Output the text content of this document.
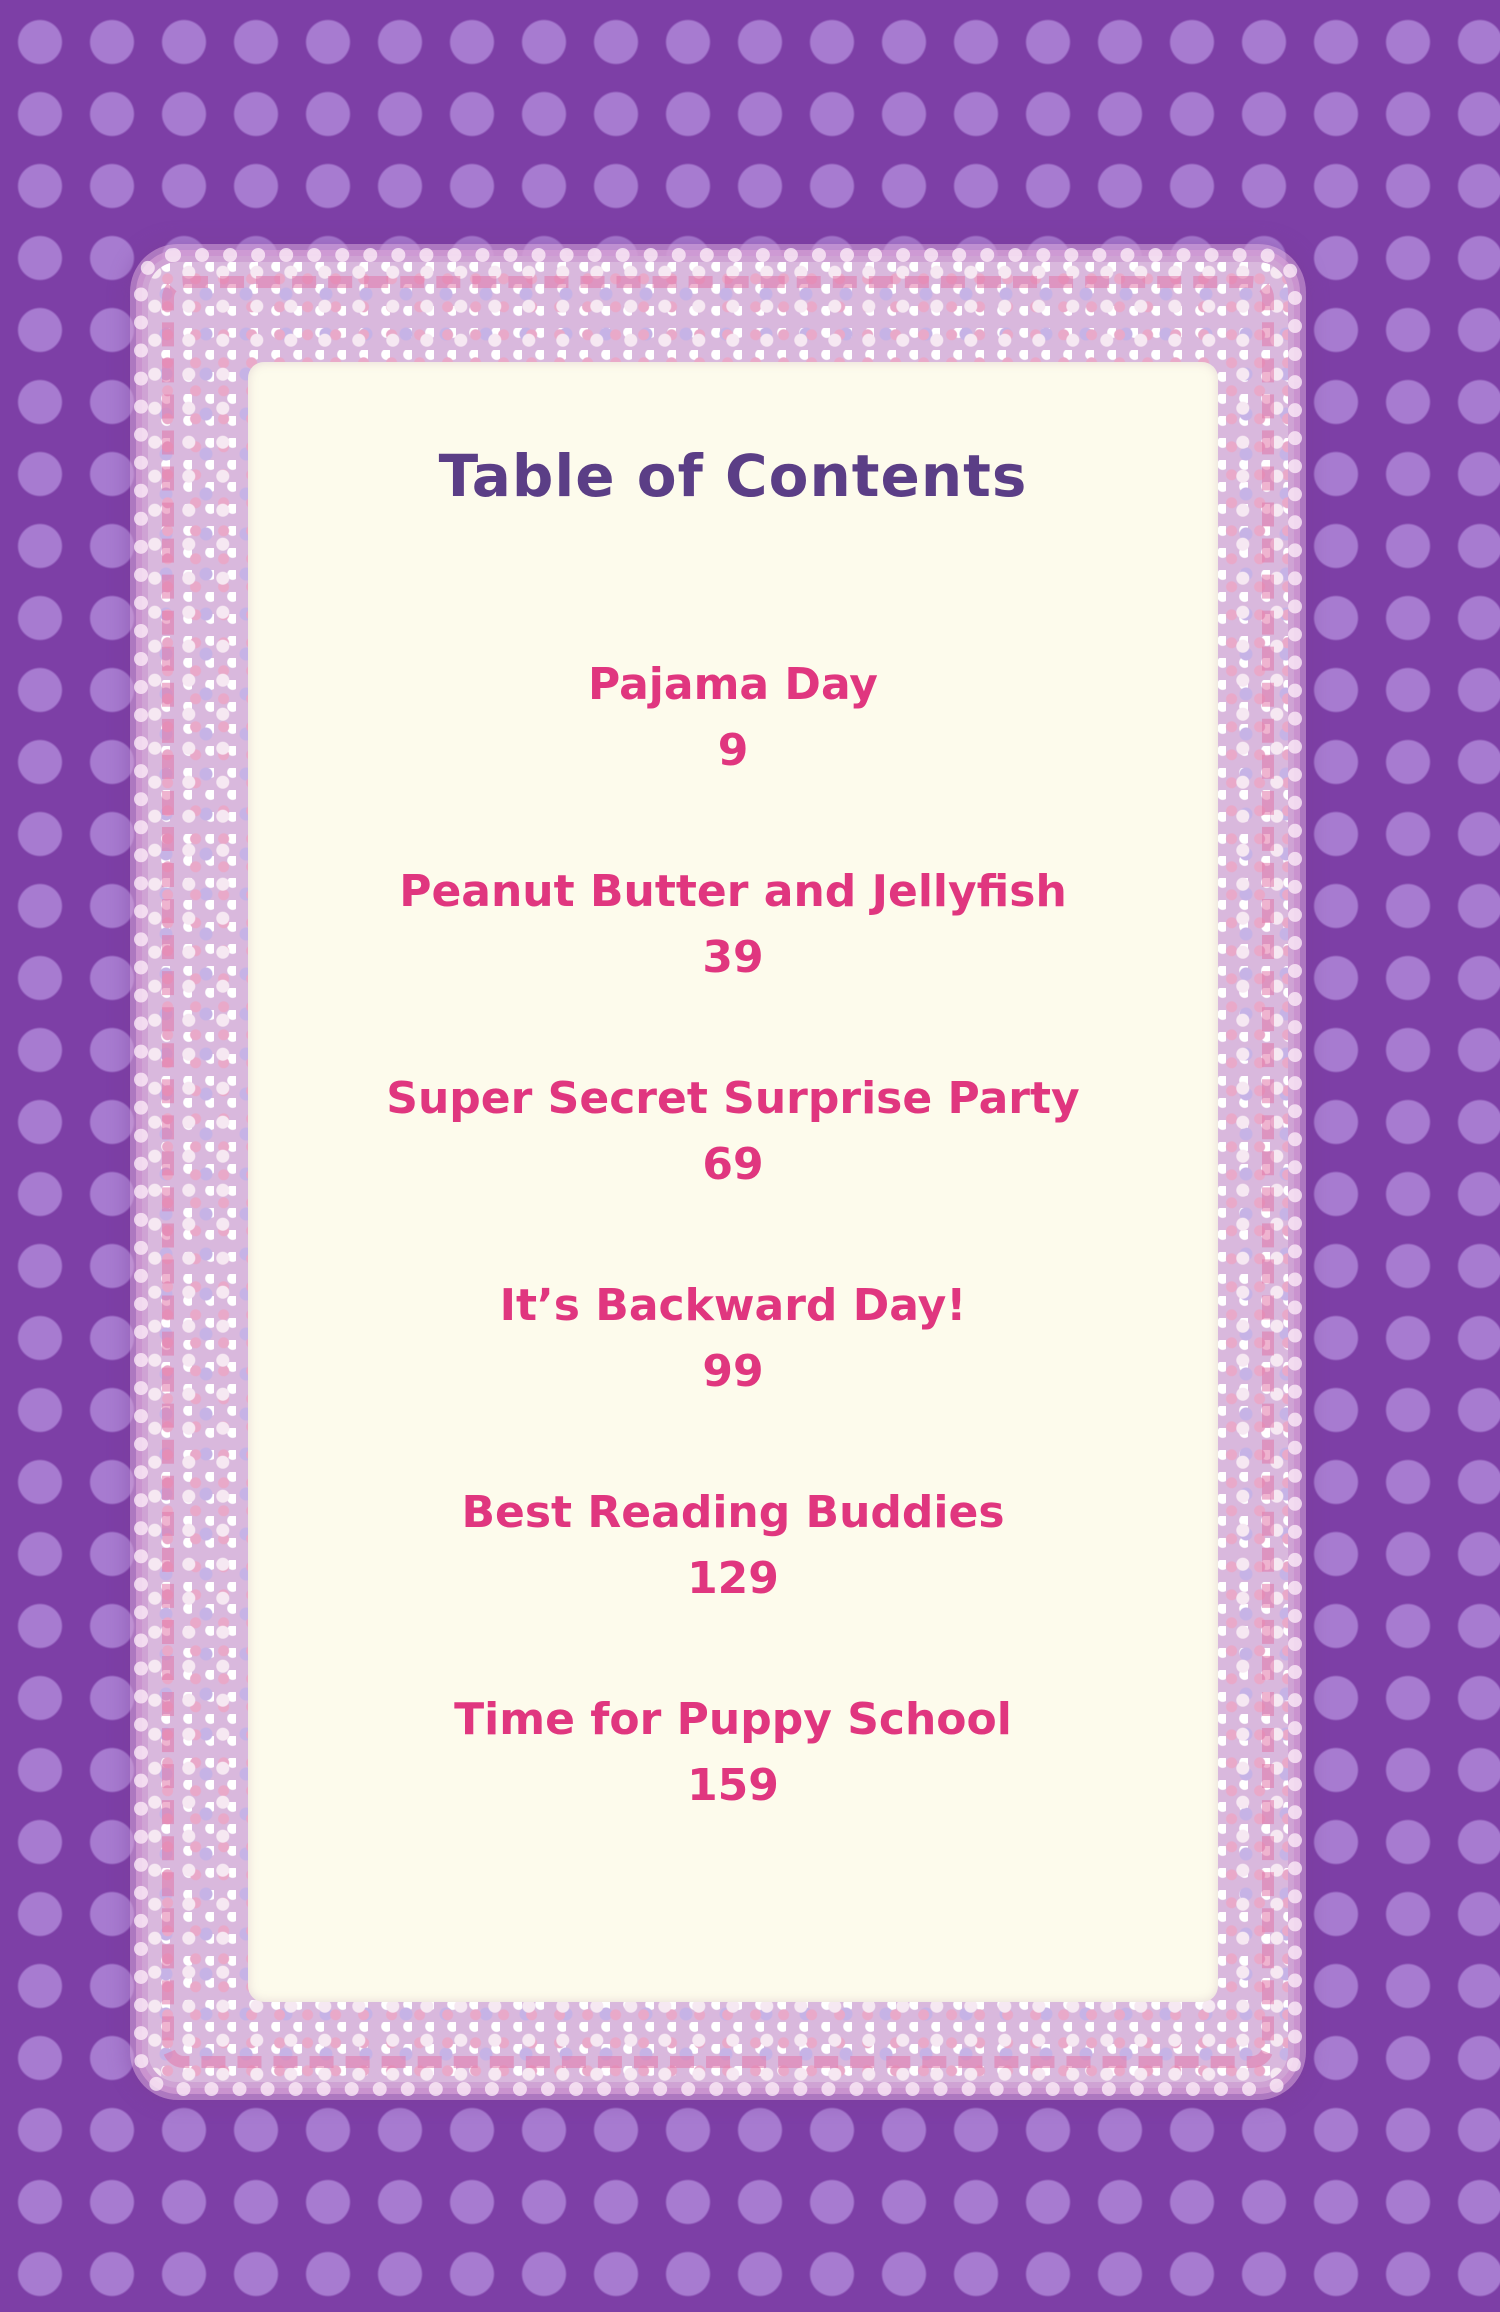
Table of Contents
Pajama Day
9
Peanut Butter and Jellyfish
39
Super Secret Surprise Party
69
It’s Backward Day!
99
Best Reading Buddies
129
Time for Puppy School
159
